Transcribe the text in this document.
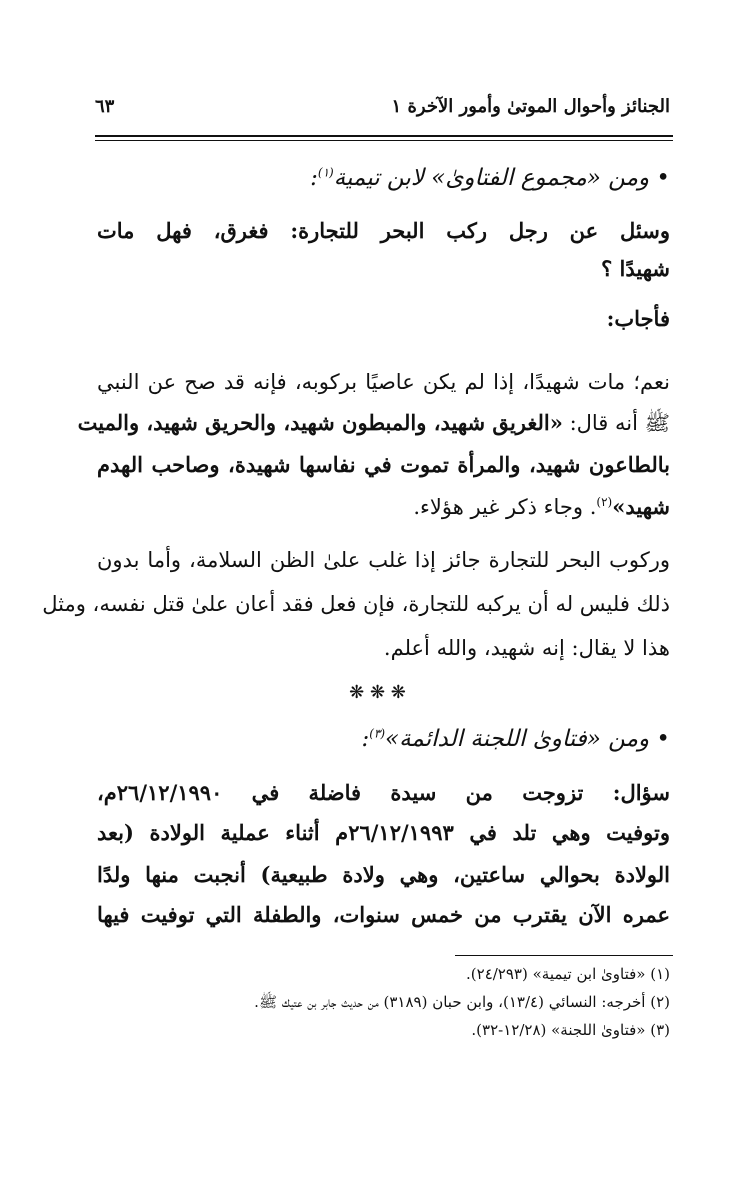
الجنائز وأحوال الموتىٰ وأمور الآخرة ١
٦٣
• ومن «مجموع الفتاوىٰ» لابن تيمية$^{(١)}$:
وسئل عن رجل ركب البحر للتجارة: فغرق، فهل مات
شهيدًا ؟
فأجاب:
نعم؛ مات شهيدًا، إذا لم يكن عاصيًا بركوبه، فإنه قد صح عن النبي
ﷺ أنه قال: «الغريق شهيد، والمبطون شهيد، والحريق شهيد، والميت
بالطاعون شهيد، والمرأة تموت في نفاسها شهيدة، وصاحب الهدم
شهيد»$^{(٢)}$. وجاء ذكر غير هؤلاء.
وركوب البحر للتجارة جائز إذا غلب علىٰ الظن السلامة، وأما بدون
ذلك فليس له أن يركبه للتجارة، فإن فعل فقد أعان علىٰ قتل نفسه، ومثل
هذا لا يقال: إنه شهيد، والله أعلم.
❋ ❋ ❋
• ومن «فتاوىٰ اللجنة الدائمة»$^{(٣)}$:
سؤال: تزوجت من سيدة فاضلة في ٢٦/١٢/١٩٩٠م،
وتوفيت وهي تلد في ٢٦/١٢/١٩٩٣م أثناء عملية الولادة (بعد
الولادة بحوالي ساعتين، وهي ولادة طبيعية) أنجبت منها ولدًا
عمره الآن يقترب من خمس سنوات، والطفلة التي توفيت فيها
(١) «فتاوىٰ ابن تيمية» (٢٤/٢٩٣).
(٢) أخرجه: النسائي (١٣/٤)، وابن حبان (٣١٨٩) من حديث جابر بن عتيك ﷺ.
(٣) «فتاوىٰ اللجنة» (١٢/٢٨-٣٢).
